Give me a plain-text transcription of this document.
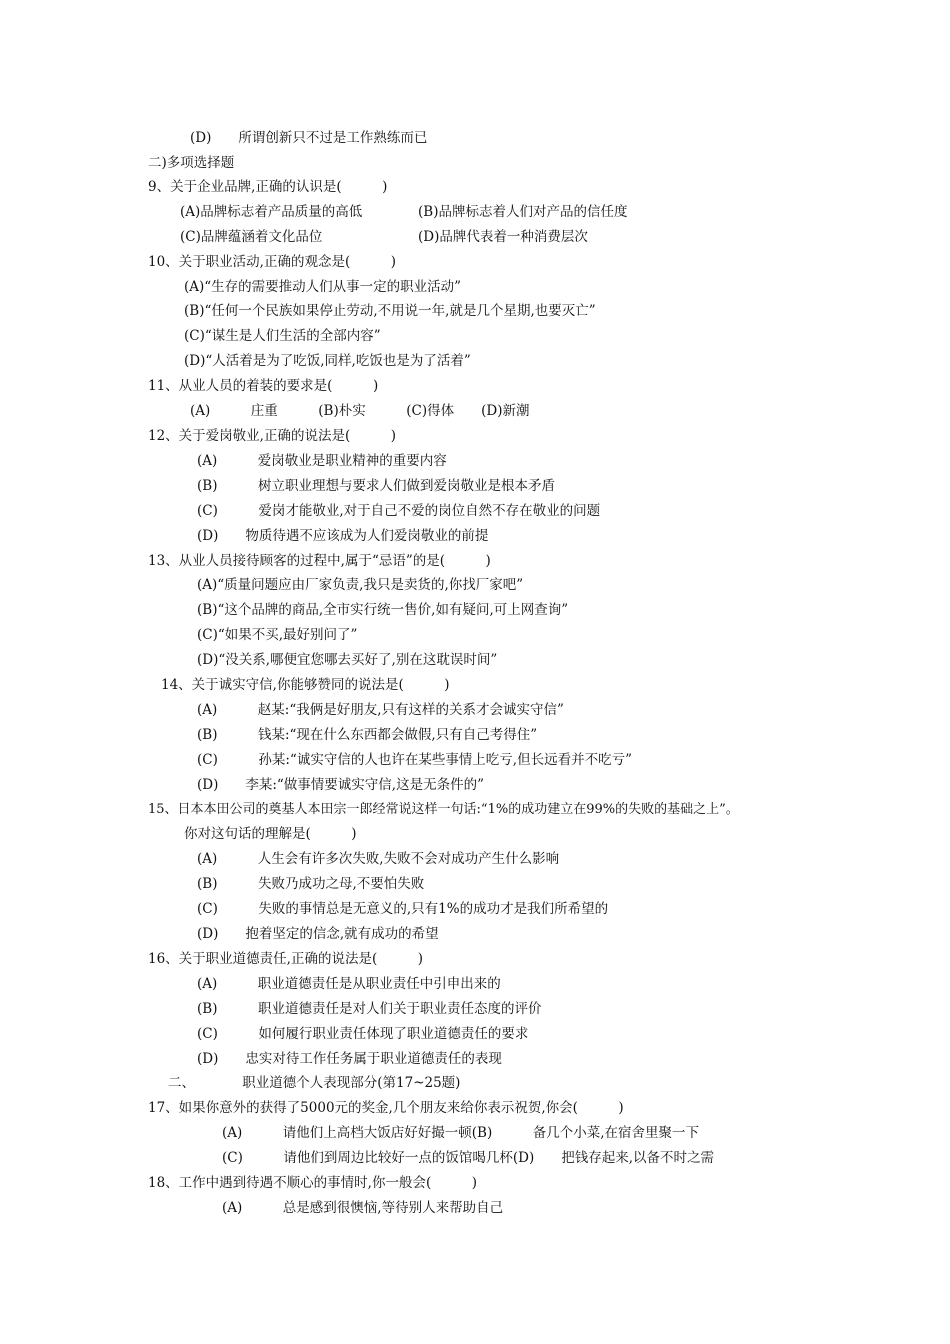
(D)　　所谓创新只不过是工作熟练而已
二)多项选择题
9、关于企业品牌,正确的认识是(　　　)
(A)品牌标志着产品质量的高低	(B)品牌标志着人们对产品的信任度
(C)品牌蕴涵着文化品位	(D)品牌代表着一种消费层次
10、关于职业活动,正确的观念是(　　　)
(A)“生存的需要推动人们从事一定的职业活动”
(B)“任何一个民族如果停止劳动,不用说一年,就是几个星期,也要灭亡”
(C)“谋生是人们生活的全部内容”
(D)“人活着是为了吃饭,同样,吃饭也是为了活着”
11、从业人员的着装的要求是(　　　)
(A)　　　庄重　　　(B)朴实　　　(C)得体　　(D)新潮
12、关于爱岗敬业,正确的说法是(　　　)
(A)　　　爱岗敬业是职业精神的重要内容
(B)　　　树立职业理想与要求人们做到爱岗敬业是根本矛盾
(C)　　　爱岗才能敬业,对于自己不爱的岗位自然不存在敬业的问题
(D)　　物质待遇不应该成为人们爱岗敬业的前提
13、从业人员接待顾客的过程中,属于“忌语”的是(　　　)
(A)“质量问题应由厂家负责,我只是卖货的,你找厂家吧”
(B)“这个品牌的商品,全市实行统一售价,如有疑问,可上网查询”
(C)“如果不买,最好别问了”
(D)“没关系,哪便宜您哪去买好了,别在这耽误时间”
14、关于诚实守信,你能够赞同的说法是(　　　)
(A)　　　赵某:“我俩是好朋友,只有这样的关系才会诚实守信”
(B)　　　钱某:“现在什么东西都会做假,只有自己考得住”
(C)　　　孙某:“诚实守信的人也许在某些事情上吃亏,但长远看并不吃亏”
(D)　　李某:“做事情要诚实守信,这是无条件的”
15、日本本田公司的奠基人本田宗一郎经常说这样一句话:“1%的成功建立在99%的失败的基础之上”。
你对这句话的理解是(　　　)
(A)　　　人生会有许多次失败,失败不会对成功产生什么影响
(B)　　　失败乃成功之母,不要怕失败
(C)　　　失败的事情总是无意义的,只有1%的成功才是我们所希望的
(D)　　抱着坚定的信念,就有成功的希望
16、关于职业道德责任,正确的说法是(　　　)
(A)　　　职业道德责任是从职业责任中引申出来的
(B)　　　职业道德责任是对人们关于职业责任态度的评价
(C)　　　如何履行职业责任体现了职业道德责任的要求
(D)　　忠实对待工作任务属于职业道德责任的表现
二、　　　　职业道德个人表现部分(第17~25题)
17、如果你意外的获得了5000元的奖金,几个朋友来给你表示祝贺,你会(　　　)
(A)　　　请他们上高档大饭店好好撮一顿(B)　　　备几个小菜,在宿舍里聚一下
(C)　　　请他们到周边比较好一点的饭馆喝几杯(D)　　把钱存起来,以备不时之需
18、工作中遇到待遇不顺心的事情时,你一般会(　　　)
(A)　　　总是感到很懊恼,等待别人来帮助自己
